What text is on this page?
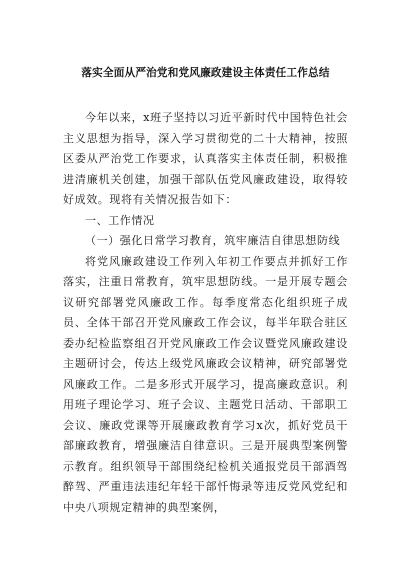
落实全面从严治党和党风廉政建设主体责任工作总结

今年以来，x班子坚持以习近平新时代中国特色社会主义思想为指导，深入学习贯彻党的二十大精神，按照区委从严治党工作要求，认真落实主体责任制，积极推进清廉机关创建，加强干部队伍党风廉政建设，取得较好成效。现将有关情况报告如下：

一、工作情况

（一）强化日常学习教育，筑牢廉洁自律思想防线

将党风廉政建设工作列入年初工作要点并抓好工作落实，注重日常教育，筑牢思想防线。一是开展专题会议研究部署党风廉政工作。每季度常态化组织班子成员、全体干部召开党风廉政工作会议，每半年联合驻区委办纪检监察组召开党风廉政工作会议暨党风廉政建设主题研讨会，传达上级党风廉政会议精神，研究部署党风廉政工作。二是多形式开展学习，提高廉政意识。利用班子理论学习、班子会议、主题党日活动、干部职工会议、廉政党课等开展廉政教育学习x次，抓好党员干部廉政教育，增强廉洁自律意识。三是开展典型案例警示教育。组织领导干部围绕纪检机关通报党员干部酒驾醉驾、严重违法违纪年轻干部忏悔录等违反党风党纪和中央八项规定精神的典型案例，
